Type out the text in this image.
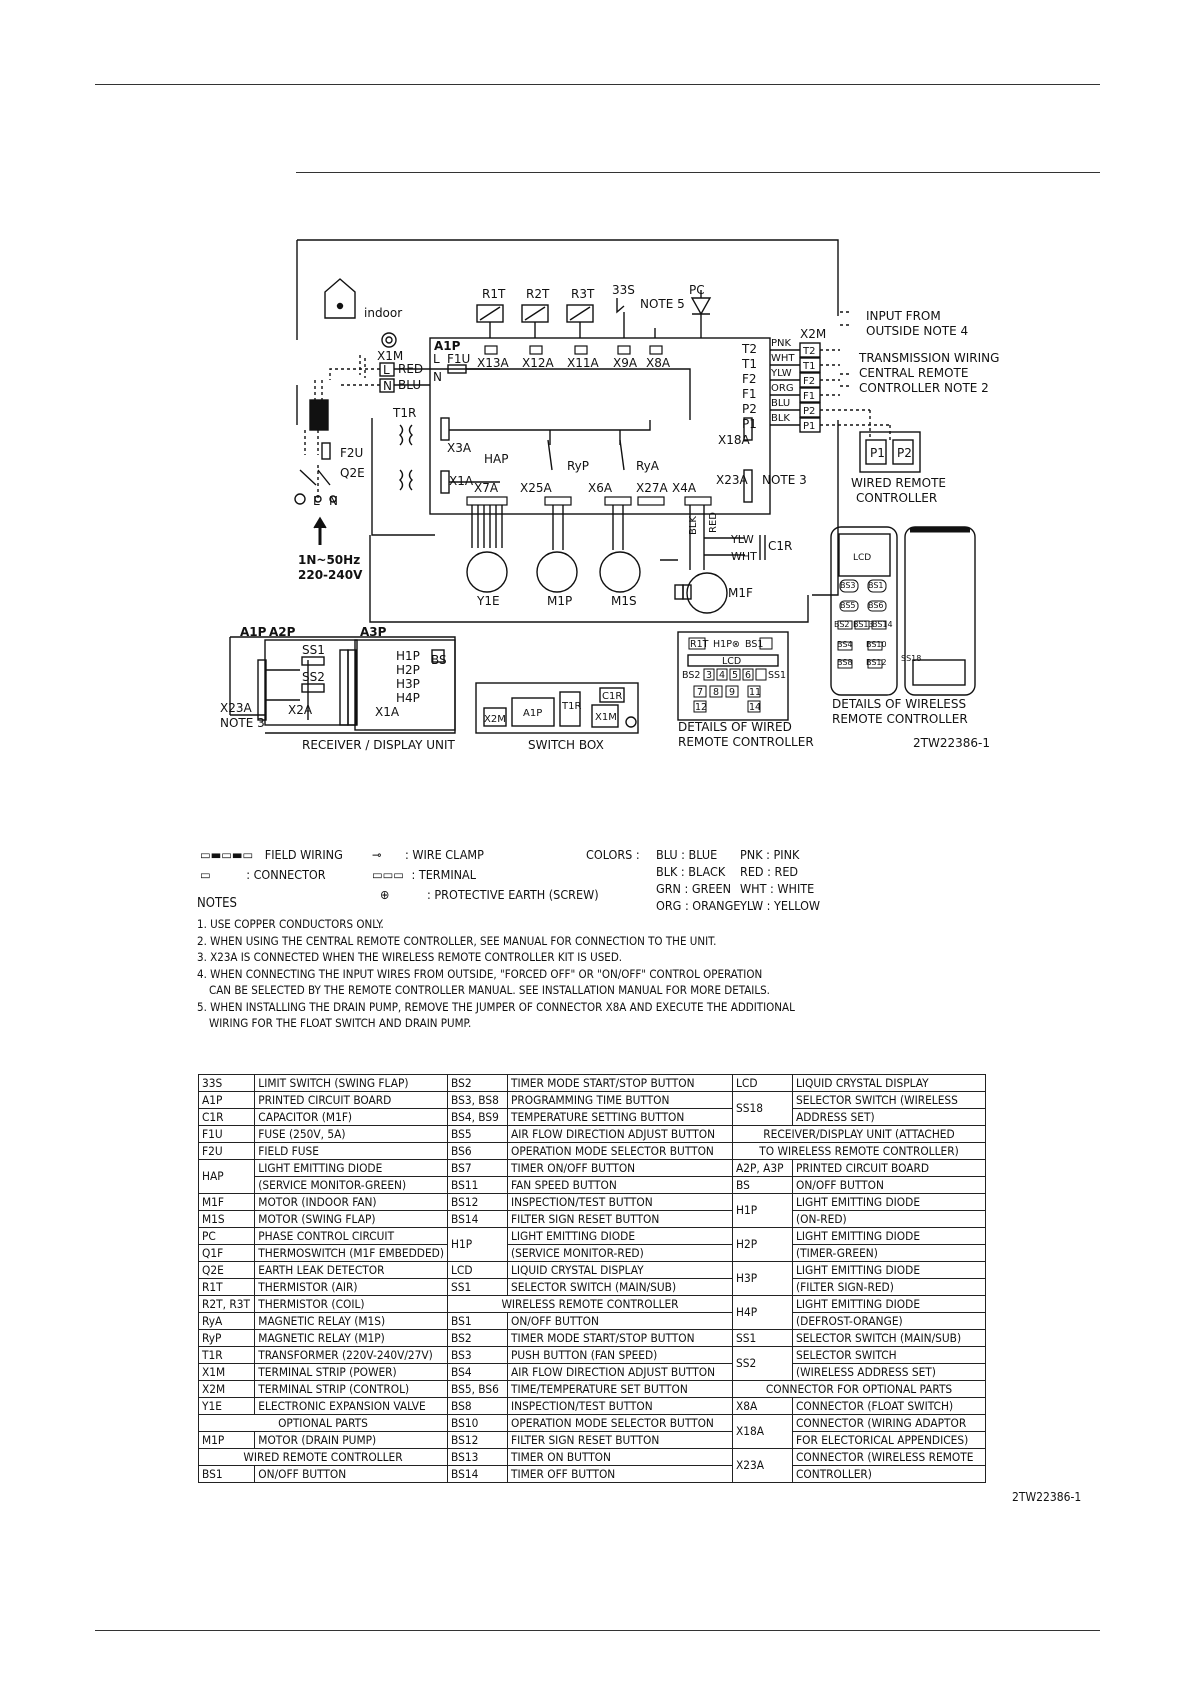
indoor
R1T R2T R3T 33S
NOTE 5
PC
A1P
F1U X13A X12A X11A X9A X8A
X1M
L
N
RED
BLU
L
N
X2M
T2
T1
F2
F1
P2
P1
PNK
WHT
YLW
ORG
BLU
BLK
T2
T1
F2
F1
P2
P1
INPUT FROM
OUTSIDE NOTE 4
TRANSMISSION WIRING
CENTRAL REMOTE
CONTROLLER NOTE 2
T1R
X3A
X1A
HAP	RyP	RyA
X18A
X23A NOTE 3
X7A X25A	X6A X27A X4A
F2U
Q2E
L N
1N~50Hz
220-240V
Y1E	M1P	M1S
M1F
BLK RED
YLW
WHT
C1R
P1 P2
WIRED REMOTE
CONTROLLER
A1P A2P	A3P
SS1
SS2
X2A	X1A
H1P
H2P
H3P
H4P
BS
X23A
NOTE 3
RECEIVER / DISPLAY UNIT
X2M
A1P
T1R
C1R
X1M
SWITCH BOX
R1T H1P⊗ BS1
LCD
BS2 3 4 5 6 SS1
7 8 9 11
12	14
DETAILS OF WIRED
REMOTE CONTROLLER
LCD
BS3 BS1
BS5 BS6
BS2 BS13
BS14
BS4 BS10
BS8 BS12 SS18
DETAILS OF WIRELESS
REMOTE CONTROLLER
2TW22386-1
▭▬▭▬▭ FIELD WIRING
▭	: CONNECTOR
⊸ : WIRE CLAMP
▭▭▭ : TERMINAL
⊕	: PROTECTIVE EARTH (SCREW)
COLORS : BLU : BLUE PNK : PINK
BLK : BLACK RED : RED
GRN : GREEN WHT : WHITE
ORG : ORANGE YLW : YELLOW
NOTES
1. USE COPPER CONDUCTORS ONLY.
2. WHEN USING THE CENTRAL REMOTE CONTROLLER, SEE MANUAL FOR CONNECTION TO THE UNIT.
3. X23A IS CONNECTED WHEN THE WIRELESS REMOTE CONTROLLER KIT IS USED.
4. WHEN CONNECTING THE INPUT WIRES FROM OUTSIDE, "FORCED OFF" OR "ON/OFF" CONTROL OPERATION
CAN BE SELECTED BY THE REMOTE CONTROLLER MANUAL. SEE INSTALLATION MANUAL FOR MORE DETAILS.
5. WHEN INSTALLING THE DRAIN PUMP, REMOVE THE JUMPER OF CONNECTOR X8A AND EXECUTE THE ADDITIONAL
WIRING FOR THE FLOAT SWITCH AND DRAIN PUMP.
33S	LIMIT SWITCH (SWING FLAP)
A1P	PRINTED CIRCUIT BOARD
C1R	CAPACITOR (M1F)
F1U	FUSE (250V, 5A)
F2U	FIELD FUSE
HAP	LIGHT EMITTING DIODE
	(SERVICE MONITOR-GREEN)
M1F	MOTOR (INDOOR FAN)
M1S	MOTOR (SWING FLAP)
PC	PHASE CONTROL CIRCUIT
Q1F	THERMOSWITCH (M1F EMBEDDED)
Q2E	EARTH LEAK DETECTOR
R1T	THERMISTOR (AIR)
R2T, R3T	THERMISTOR (COIL)
RyA	MAGNETIC RELAY (M1S)
RyP	MAGNETIC RELAY (M1P)
T1R	TRANSFORMER (220V-240V/27V)
X1M	TERMINAL STRIP (POWER)
X2M	TERMINAL STRIP (CONTROL)
Y1E	ELECTRONIC EXPANSION VALVE
OPTIONAL PARTS	
M1P	MOTOR (DRAIN PUMP)
WIRED REMOTE CONTROLLER	
BS1	ON/OFF BUTTON
BS2	TIMER MODE START/STOP BUTTON
BS3, BS8	PROGRAMMING TIME BUTTON
BS4, BS9	TEMPERATURE SETTING BUTTON
BS5	AIR FLOW DIRECTION ADJUST BUTTON
BS6	OPERATION MODE SELECTOR BUTTON
BS7	TIMER ON/OFF BUTTON
BS11	FAN SPEED BUTTON
BS12	INSPECTION/TEST BUTTON
BS14	FILTER SIGN RESET BUTTON
H1P	LIGHT EMITTING DIODE
	(SERVICE MONITOR-RED)
LCD	LIQUID CRYSTAL DISPLAY
SS1	SELECTOR SWITCH (MAIN/SUB)
WIRELESS REMOTE CONTROLLER	
BS1	ON/OFF BUTTON
BS2	TIMER MODE START/STOP BUTTON
BS3	PUSH BUTTON (FAN SPEED)
BS4	AIR FLOW DIRECTION ADJUST BUTTON
BS5, BS6	TIME/TEMPERATURE SET BUTTON
BS8	INSPECTION/TEST BUTTON
BS10	OPERATION MODE SELECTOR BUTTON
BS12	FILTER SIGN RESET BUTTON
BS13	TIMER ON BUTTON
BS14	TIMER OFF BUTTON
LCD	LIQUID CRYSTAL DISPLAY
SS18	SELECTOR SWITCH (WIRELESS
	ADDRESS SET)
RECEIVER/DISPLAY UNIT (ATTACHED	
TO WIRELESS REMOTE CONTROLLER)	
A2P, A3P	PRINTED CIRCUIT BOARD
BS	ON/OFF BUTTON
H1P	LIGHT EMITTING DIODE
	(ON-RED)
H2P	LIGHT EMITTING DIODE
	(TIMER-GREEN)
H3P	LIGHT EMITTING DIODE
	(FILTER SIGN-RED)
H4P	LIGHT EMITTING DIODE
	(DEFROST-ORANGE)
SS1	SELECTOR SWITCH (MAIN/SUB)
SS2	SELECTOR SWITCH
	(WIRELESS ADDRESS SET)
CONNECTOR FOR OPTIONAL PARTS	
X8A	CONNECTOR (FLOAT SWITCH)
X18A	CONNECTOR (WIRING ADAPTOR
	FOR ELECTORICAL APPENDICES)
X23A	CONNECTOR (WIRELESS REMOTE
	CONTROLLER)
2TW22386-1
